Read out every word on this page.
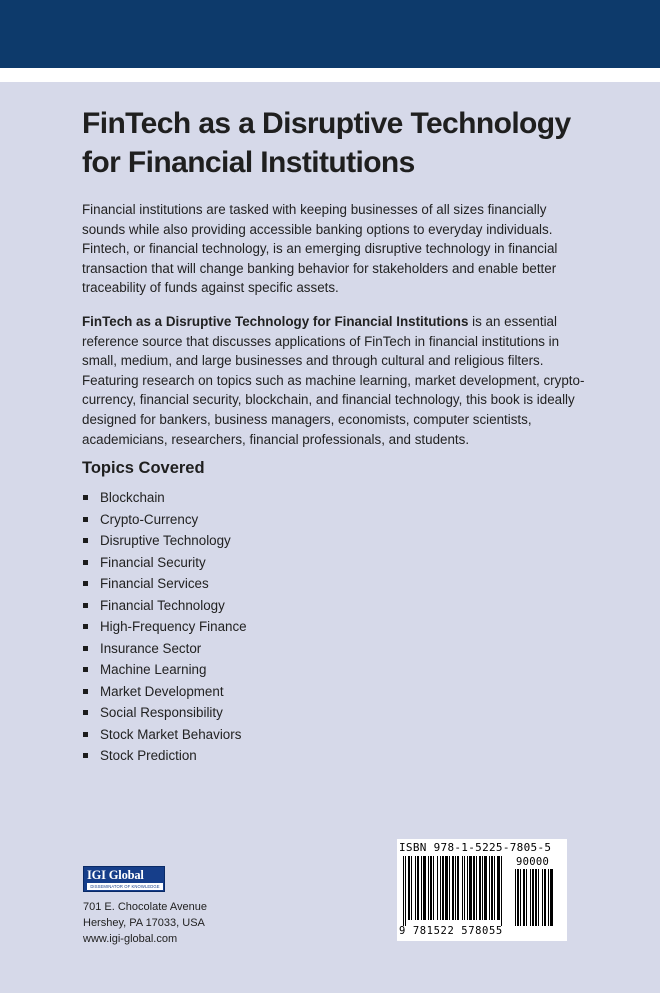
FinTech as a Disruptive Technology for Financial Institutions

Financial institutions are tasked with keeping businesses of all sizes financially sounds while also providing accessible banking options to everyday individuals. Fintech, or financial technology, is an emerging disruptive technology in financial transaction that will change banking behavior for stakeholders and enable better traceability of funds against specific assets.

FinTech as a Disruptive Technology for Financial Institutions is an essential reference source that discusses applications of FinTech in financial institutions in small, medium, and large businesses and through cultural and religious filters. Featuring research on topics such as machine learning, market development, crypto-currency, financial security, blockchain, and financial technology, this book is ideally designed for bankers, business managers, economists, computer scientists, academicians, researchers, financial professionals, and students.

Topics Covered
Blockchain
Crypto-Currency
Disruptive Technology
Financial Security
Financial Services
Financial Technology
High-Frequency Finance
Insurance Sector
Machine Learning
Market Development
Social Responsibility
Stock Market Behaviors
Stock Prediction
IGI Global
DISSEMINATOR OF KNOWLEDGE
701 E. Chocolate Avenue
Hershey, PA 17033, USA
www.igi-global.com
ISBN 978-1-5225-7805-5
90000
9 781522 578055
